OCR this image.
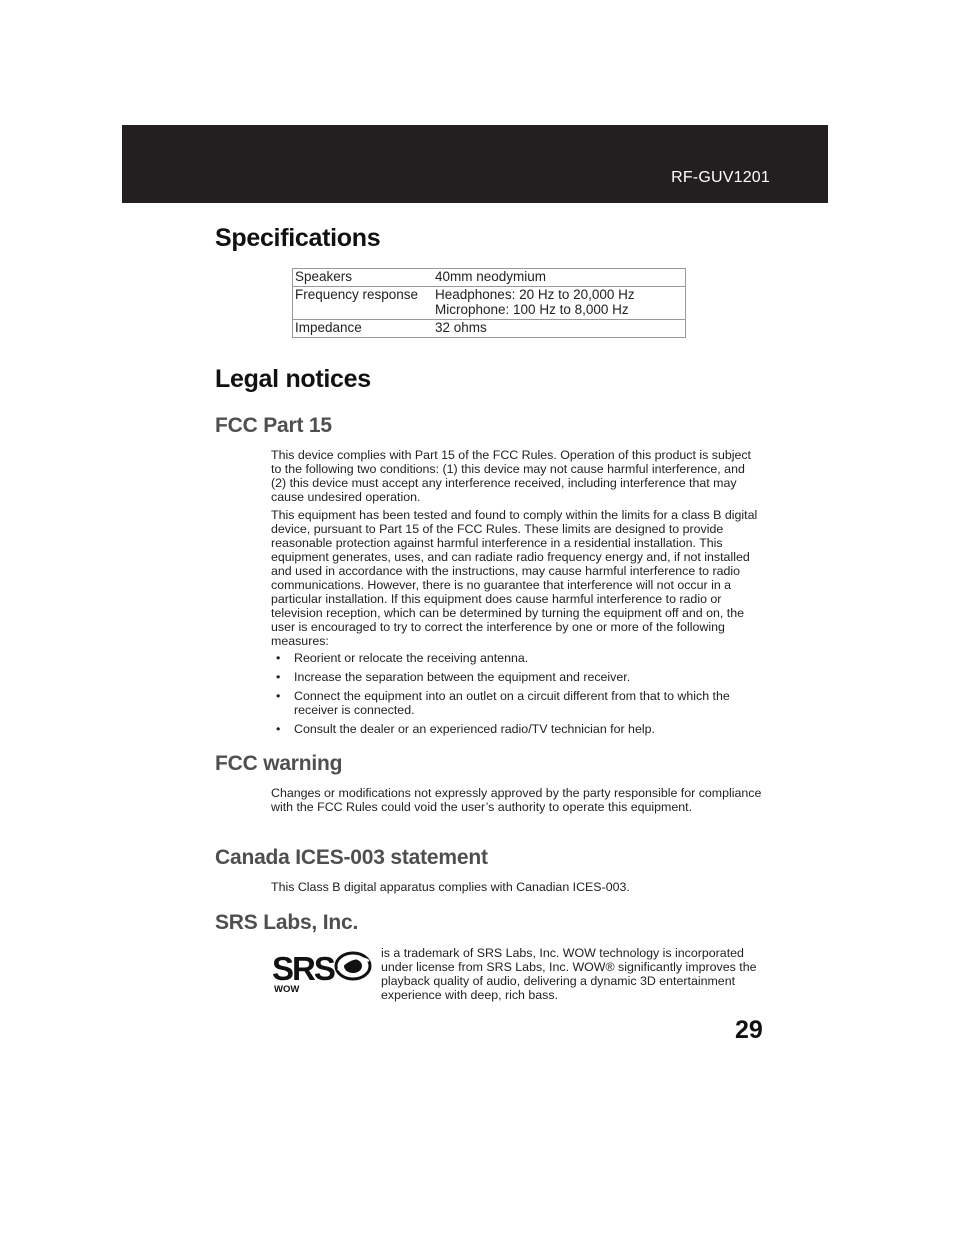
RF-GUV1201
Specifications
Speakers	40mm neodymium
Frequency response	Headphones: 20 Hz to 20,000 Hz
Microphone: 100 Hz to 8,000 Hz
Impedance	32 ohms
Legal notices
FCC Part 15

This device complies with Part 15 of the FCC Rules. Operation of this product is subject to the following two conditions: (1) this device may not cause harmful interference, and (2) this device must accept any interference received, including interference that may cause undesired operation.

This equipment has been tested and found to comply within the limits for a class B digital device, pursuant to Part 15 of the FCC Rules. These limits are designed to provide reasonable protection against harmful interference in a residential installation. This equipment generates, uses, and can radiate radio frequency energy and, if not installed and used in accordance with the instructions, may cause harmful interference to radio communications. However, there is no guarantee that interference will not occur in a particular installation. If this equipment does cause harmful interference to radio or television reception, which can be determined by turning the equipment off and on, the user is encouraged to try to correct the interference by one or more of the following measures:

• Reorient or relocate the receiving antenna.
• Increase the separation between the equipment and receiver.
• Connect the equipment into an outlet on a circuit different from that to which the receiver is connected.
• Consult the dealer or an experienced radio/TV technician for help.
FCC warning

Changes or modifications not expressly approved by the party responsible for compliance with the FCC Rules could void the user’s authority to operate this equipment.

Canada ICES-003 statement

This Class B digital apparatus complies with Canadian ICES-003.

SRS Labs, Inc.
SRS
WOW

is a trademark of SRS Labs, Inc. WOW technology is incorporated under license from SRS Labs, Inc. WOW® significantly improves the playback quality of audio, delivering a dynamic 3D entertainment experience with deep, rich bass.

29
